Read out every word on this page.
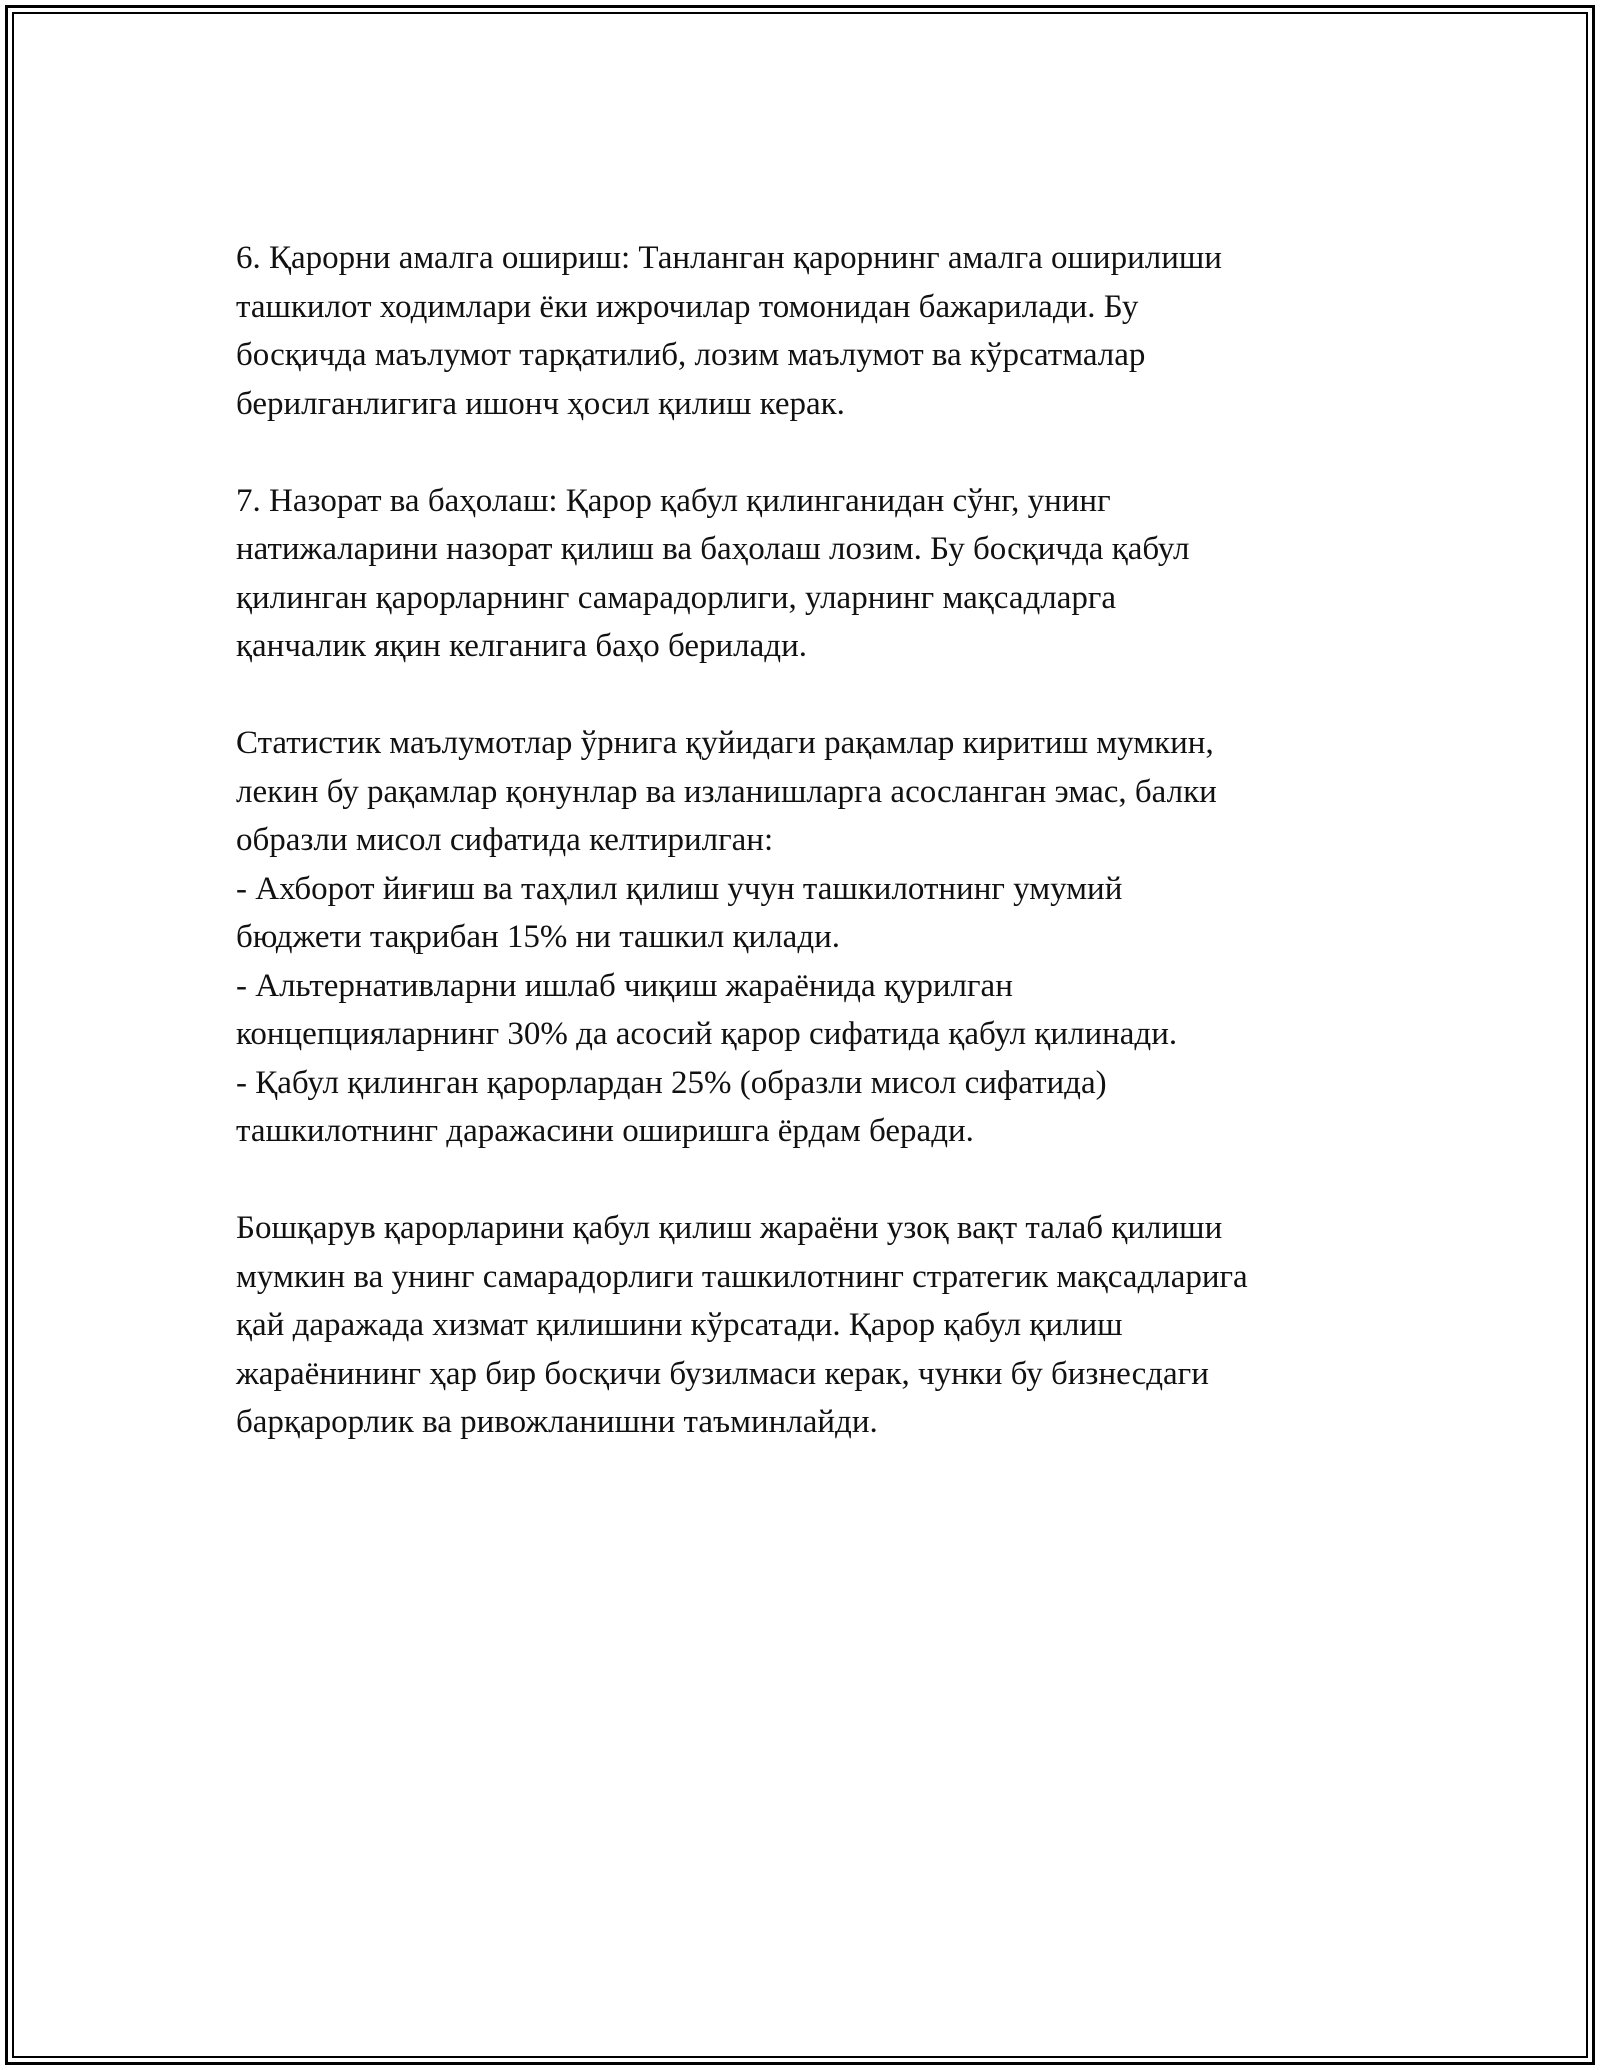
6. Қарорни амалга ошириш: Танланган қарорнинг амалга оширилиши
ташкилот ходимлари ёки ижрочилар томонидан бажарилади. Бу
босқичда маълумот тарқатилиб, лозим маълумот ва кўрсатмалар
берилганлигига ишонч ҳосил қилиш керак.

7. Назорат ва баҳолаш: Қарор қабул қилинганидан сўнг, унинг
натижаларини назорат қилиш ва баҳолаш лозим. Бу босқичда қабул
қилинган қарорларнинг самарадорлиги, уларнинг мақсадларга
қанчалик яқин келганига баҳо берилади.

Статистик маълумотлар ўрнига қуйидаги рақамлар киритиш мумкин,
лекин бу рақамлар қонунлар ва изланишларга асосланган эмас, балки
образли мисол сифатида келтирилган:
- Ахборот йиғиш ва таҳлил қилиш учун ташкилотнинг умумий
бюджети тақрибан 15% ни ташкил қилади.
- Альтернативларни ишлаб чиқиш жараёнида қурилган
концепцияларнинг 30% да асосий қарор сифатида қабул қилинади.
- Қабул қилинган қарорлардан 25% (образли мисол сифатида)
ташкилотнинг даражасини оширишга ёрдам беради.

Бошқарув қарорларини қабул қилиш жараёни узоқ вақт талаб қилиши
мумкин ва унинг самарадорлиги ташкилотнинг стратегик мақсадларига
қай даражада хизмат қилишини кўрсатади. Қарор қабул қилиш
жараёнининг ҳар бир босқичи бузилмаси керак, чунки бу бизнесдаги
барқарорлик ва ривожланишни таъминлайди.
